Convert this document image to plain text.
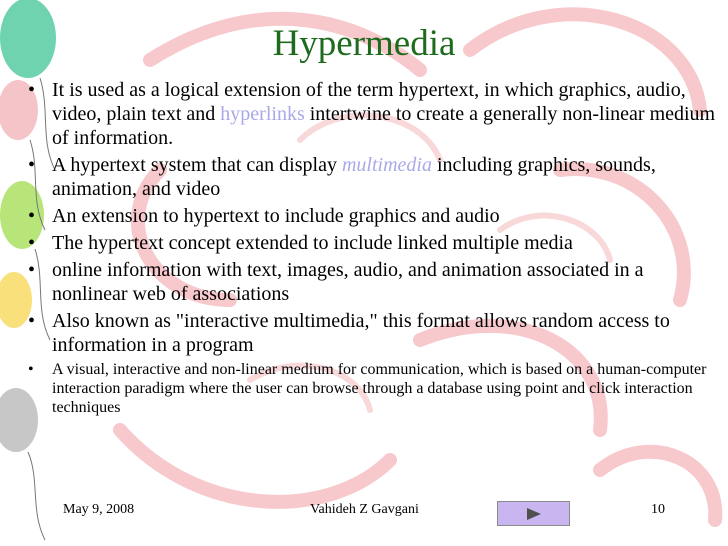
Hypermedia
• It is used as a logical extension of the term hypertext, in which graphics, audio, video, plain text and hyperlinks intertwine to create a generally non-linear medium of information.
• A hypertext system that can display multimedia including graphics, sounds, animation, and video
• An extension to hypertext to include graphics and audio
• The hypertext concept extended to include linked multiple media
• online information with text, images, audio, and animation associated in a nonlinear web of associations
• Also known as "interactive multimedia," this format allows random access to information in a program
• A visual, interactive and non-linear medium for communication, which is based on a human-computer interaction paradigm where the user can browse through a database using point and click interaction techniques
May 9, 2008	Vahideh Z Gavgani	10
